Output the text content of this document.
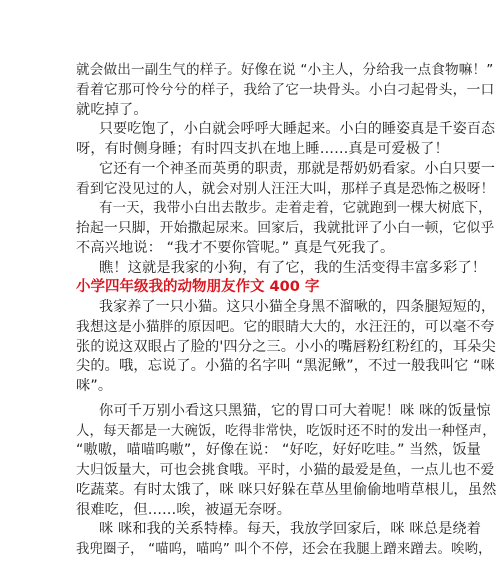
就会做出一副生气的样子。好像在说 “小主人，分给我一点食物嘛！”
看着它那可怜兮兮的样子，我给了它一块骨头。小白刁起骨头，一口
就吃掉了。
只要吃饱了，小白就会呼呼大睡起来。小白的睡姿真是千姿百态
呀，有时侧身睡；有时四支扒在地上睡……真是可爱极了！
它还有一个神圣而英勇的职责，那就是帮奶奶看家。小白只要一
看到它没见过的人，就会对别人汪汪大叫，那样子真是恐怖之极呀！
有一天，我带小白出去散步。走着走着，它就跑到一棵大树底下，
抬起一只脚，开始撒起尿来。回家后，我就批评了小白一顿，它似乎
不高兴地说： “我才不要你管呢。” 真是气死我了。
瞧！这就是我家的小狗，有了它，我的生活变得丰富多彩了！
小学四年级我的动物朋友作文 400 字
我家养了一只小猫。这只小猫全身黑不溜啾的，四条腿短短的，
我想这是小猫胖的原因吧。它的眼睛大大的，水汪汪的，可以毫不夸
张的说这双眼占了脸的'四分之三。小小的嘴唇粉红粉红的，耳朵尖
尖的。哦，忘说了。小猫的名字叫 “黑泥鳅”，不过一般我叫它 “咪
咪”。
你可千万别小看这只黑猫，它的胃口可大着呢！咪 咪的饭量惊
人，每天都是一大碗饭，吃得非常快，吃饭时还不时的发出一种怪声，
“嗷嗷，喵喵呜嗷”，好像在说： “好吃，好好吃哇。” 当然，饭量
大归饭量大，可也会挑食哦。平时，小猫的最爱是鱼，一点儿也不爱
吃蔬菜。有时太饿了，咪 咪只好躲在草丛里偷偷地啃草根儿，虽然
很难吃，但……唉，被逼无奈呀。
咪 咪和我的关系特棒。每天，我放学回家后，咪 咪总是绕着
我兜圈子， “喵呜，喵呜” 叫个不停，还会在我腿上蹭来蹭去。唉哟，
